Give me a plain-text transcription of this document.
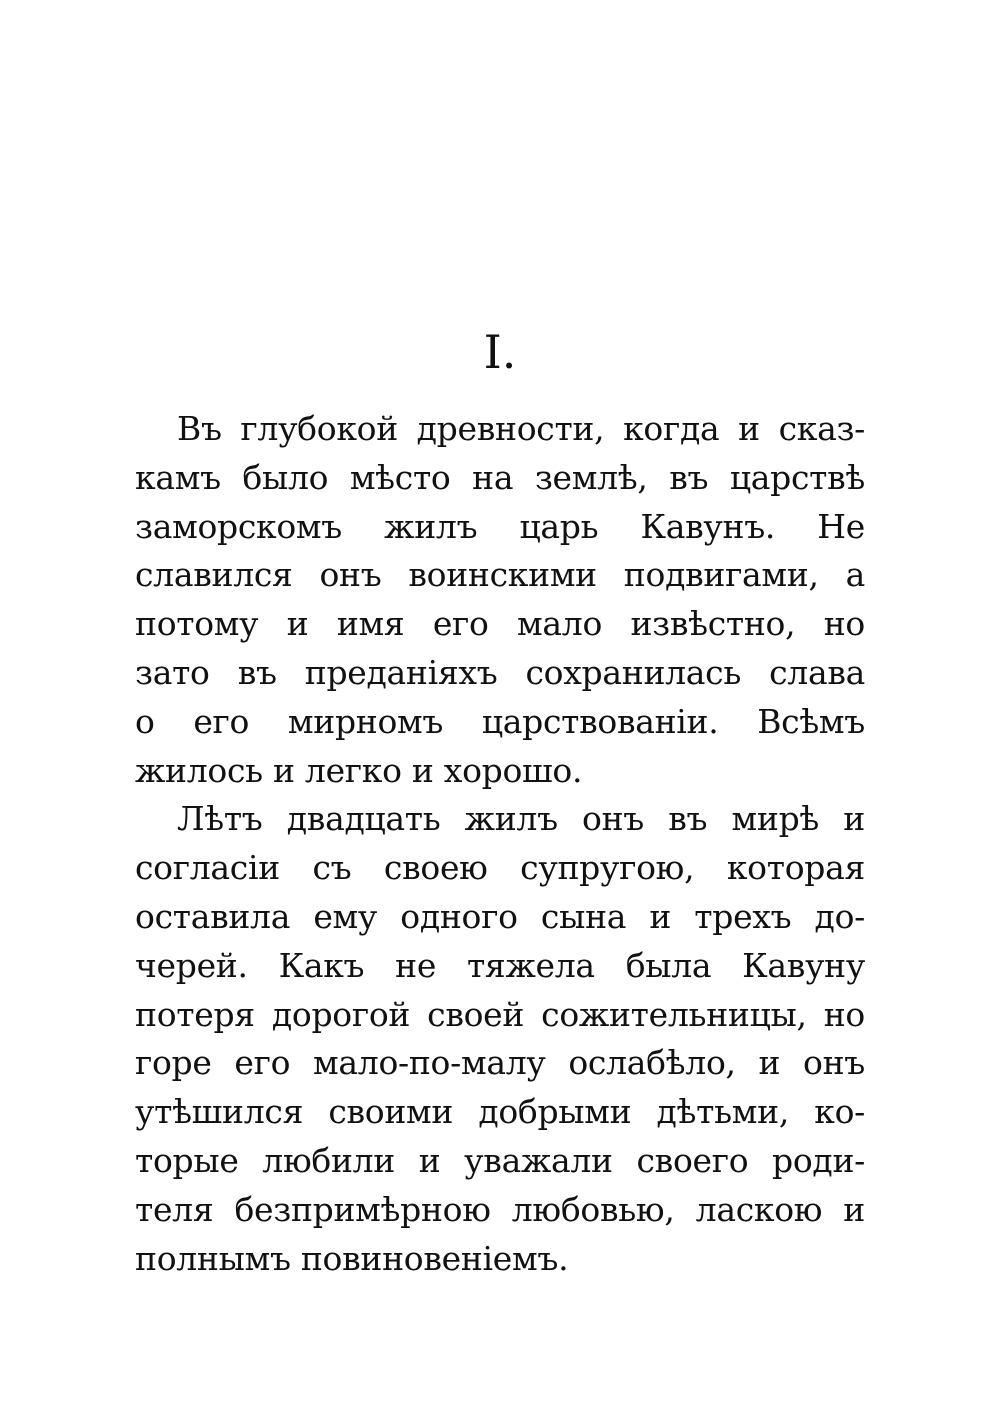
I.
Въ глубокой древности, когда и сказ-
камъ было мѣсто на землѣ, въ царствѣ
заморскомъ жилъ царь Кавунъ. Не
славился онъ воинскими подвигами, а
потому и имя его мало извѣстно, но
зато въ преданіяхъ сохранилась слава
о его мирномъ царствованіи. Всѣмъ
жилось и легко и хорошо.
Лѣтъ двадцать жилъ онъ въ мирѣ и
согласіи съ своею супругою, которая
оставила ему одного сына и трехъ до-
черей. Какъ не тяжела была Кавуну
потеря дорогой своей сожительницы, но
горе его мало-по-малу ослабѣло, и онъ
утѣшился своими добрыми дѣтьми, ко-
торые любили и уважали своего роди-
теля безпримѣрною любовью, ласкою и
полнымъ повиновеніемъ.
